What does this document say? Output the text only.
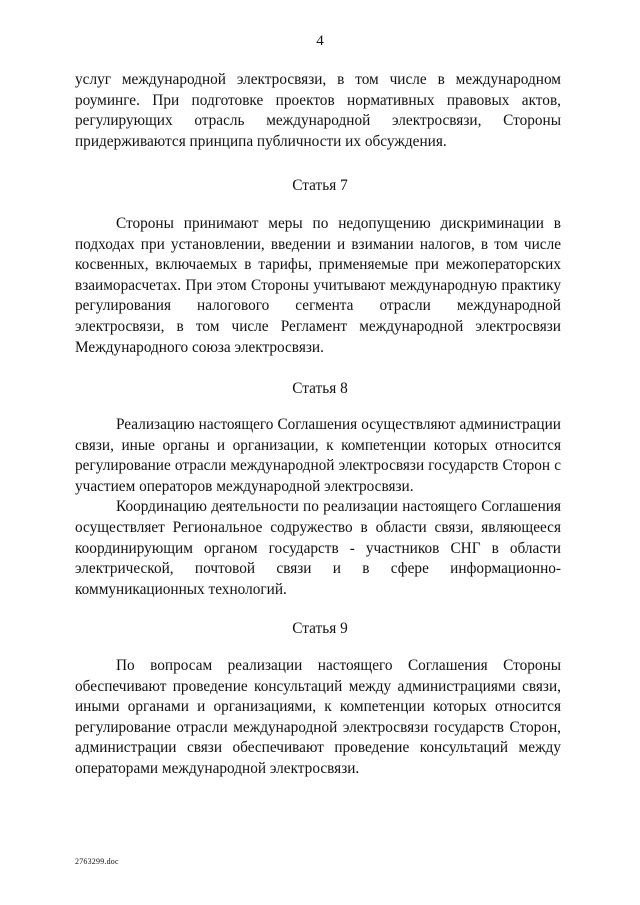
4

услуг международной электросвязи, в том числе в международном роуминге. При подготовке проектов нормативных правовых актов, регулирующих отрасль международной электросвязи, Стороны придерживаются принципа публичности их обсуждения.

Статья 7

Стороны принимают меры по недопущению дискриминации в подходах при установлении, введении и взимании налогов, в том числе косвенных, включаемых в тарифы, применяемые при межоператорских взаиморасчетах. При этом Стороны учитывают международную практику регулирования налогового сегмента отрасли международной электросвязи, в том числе Регламент международной электросвязи Международного союза электросвязи.

Статья 8

Реализацию настоящего Соглашения осуществляют администрации связи, иные органы и организации, к компетенции которых относится регулирование отрасли международной электросвязи государств Сторон с участием операторов международной электросвязи.

Координацию деятельности по реализации настоящего Соглашения осуществляет Региональное содружество в области связи, являющееся координирующим органом государств - участников СНГ в области электрической, почтовой связи и в сфере информационно-коммуникационных технологий.

Статья 9

По вопросам реализации настоящего Соглашения Стороны обеспечивают проведение консультаций между администрациями связи, иными органами и организациями, к компетенции которых относится регулирование отрасли международной электросвязи государств Сторон, администрации связи обеспечивают проведение консультаций между операторами международной электросвязи.

2763299.doc
